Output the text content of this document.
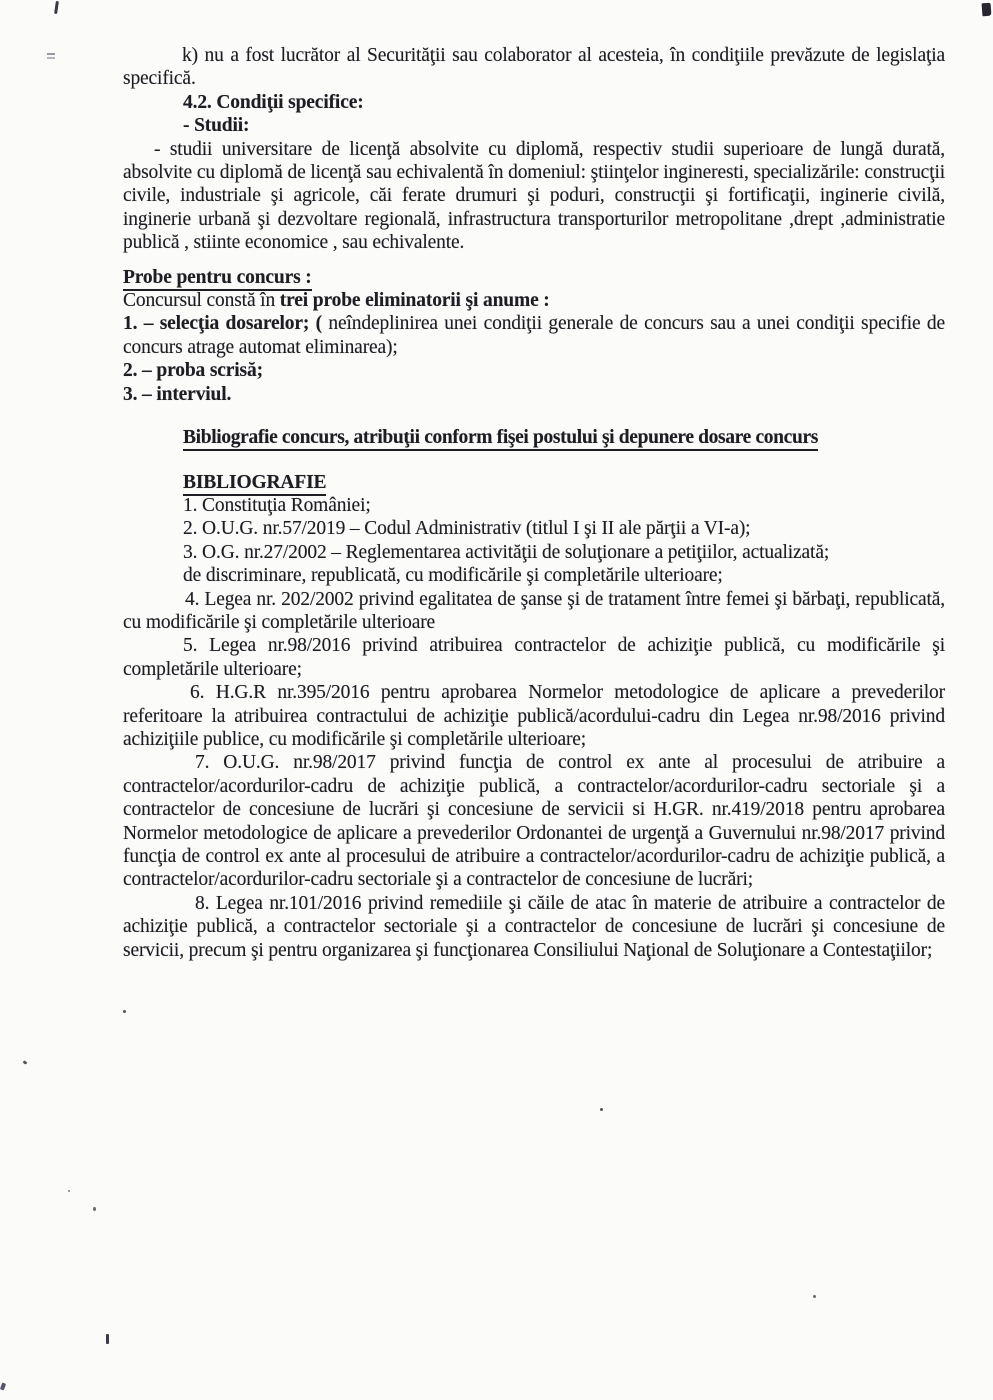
k) nu a fost lucrător al Securităţii sau colaborator al acesteia, în condiţiile prevăzute de legislaţia specifică.

4.2. Condiţii specifice:

- Studii:

- studii universitare de licenţă absolvite cu diplomă, respectiv studii superioare de lungă durată, absolvite cu diplomă de licenţă sau echivalentă în domeniul: ştiinţelor ingineresti, specializările: construcţii civile, industriale şi agricole, căi ferate drumuri şi poduri, construcţii şi fortificaţii, inginerie civilă, inginerie urbană şi dezvoltare regională, infrastructura transporturilor metropolitane ,drept ,administratie publică , stiinte economice , sau echivalente.

Probe pentru concurs :

Concursul constă în trei probe eliminatorii şi anume :

1. – selecţia dosarelor; ( neîndeplinirea unei condiţii generale de concurs sau a unei condiţii specifie de concurs atrage automat eliminarea);

2. – proba scrisă;

3. – interviul.

Bibliografie concurs, atribuţii conform fişei postului şi depunere dosare concurs

BIBLIOGRAFIE

1. Constituţia României;

2. O.U.G. nr.57/2019 – Codul Administrativ (titlul I şi II ale părţii a VI-a);

3. O.G. nr.27/2002 – Reglementarea activităţii de soluţionare a petiţiilor, actualizată;

de discriminare, republicată, cu modificările şi completările ulterioare;

4. Legea nr. 202/2002 privind egalitatea de şanse şi de tratament între femei şi bărbaţi, republicată, cu modificările şi completările ulterioare

5. Legea nr.98/2016 privind atribuirea contractelor de achiziţie publică, cu modificările şi completările ulterioare;

6. H.G.R nr.395/2016 pentru aprobarea Normelor metodologice de aplicare a prevederilor referitoare la atribuirea contractului de achiziţie publică/acordului-cadru din Legea nr.98/2016 privind achiziţiile publice, cu modificările şi completările ulterioare;

7. O.U.G. nr.98/2017 privind funcţia de control ex ante al procesului de atribuire a contractelor/acordurilor-cadru de achiziţie publică, a contractelor/acordurilor-cadru sectoriale şi a contractelor de concesiune de lucrări şi concesiune de servicii si H.GR. nr.419/2018 pentru aprobarea Normelor metodologice de aplicare a prevederilor Ordonantei de urgenţă a Guvernului nr.98/2017 privind funcţia de control ex ante al procesului de atribuire a contractelor/acordurilor-cadru de achiziţie publică, a contractelor/acordurilor-cadru sectoriale şi a contractelor de concesiune de lucrări;

8. Legea nr.101/2016 privind remediile şi căile de atac în materie de atribuire a contractelor de achiziţie publică, a contractelor sectoriale şi a contractelor de concesiune de lucrări şi concesiune de servicii, precum şi pentru organizarea şi funcţionarea Consiliului Naţional de Soluţionare a Contestaţiilor;
